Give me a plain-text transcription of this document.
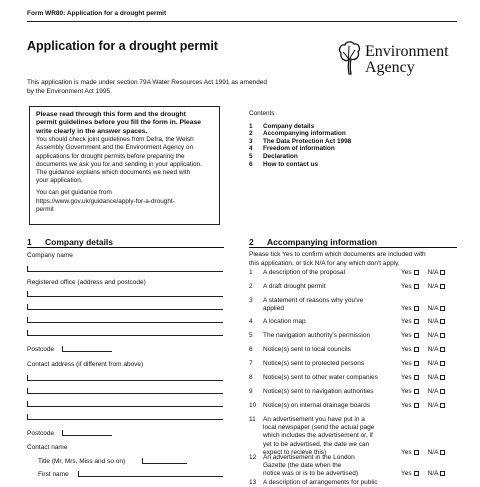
Form WR80: Application for a drought permit
Application for a drought permit	Environment
Agency
This application is made under section 79A Water Resources Act 1991 as amended
by the Environment Act 1995.
Please read through this form and the drought
permit guidelines before you fill the form in. Please
write clearly in the answer spaces.
You should check joint guidelines from Defra, the Welsh
Assembly Government and the Environment Agency on
applications for drought permits before preparing the
documents we ask you for and sending in your application.
The guidance explains which documents we need with
your application.
You can get guidance from
https://www.gov.uk/guidance/apply-for-a-drought-
permit
Contents
1	Company details
2	Accompanying information
3	The Data Protection Act 1998
4	Freedom of information
5	Declaration
6	How to contact us
1 Company details
Company name
Registered office (address and postcode)
Postcode
Contact address (if different from above)
Postcode
Contact name
Title (Mr, Mrs, Miss and so on)
First name
2 Accompanying information
Please tick Yes to confirm which documents are included with
this application, or tick N/A for any which don't apply.
1	A description of the proposal	Yes N/A
2	A draft drought permit	Yes N/A
3	A statement of reasons why you've
applied	Yes N/A
4	A location map	Yes N/A
5	The navigation authority's permission	Yes N/A
6	Notice(s) sent to local councils	Yes N/A
7	Notice(s) sent to protected persons	Yes N/A
8	Notice(s) sent to other water companies	Yes N/A
9	Notice(s) sent to navigation authorities	Yes N/A
10	Notice(s) on internal drainage boards	Yes N/A
11	An advertisement you have put in a
local newspaper (send the actual page
which includes the advertisement or, if
yet to be advertised, the date we can
expect to recieve this)	Yes N/A
12	An advertisement in the London
Gazette (the date when the
notice was or is to be advertised)	Yes N/A
13	A description of arrangements for public
